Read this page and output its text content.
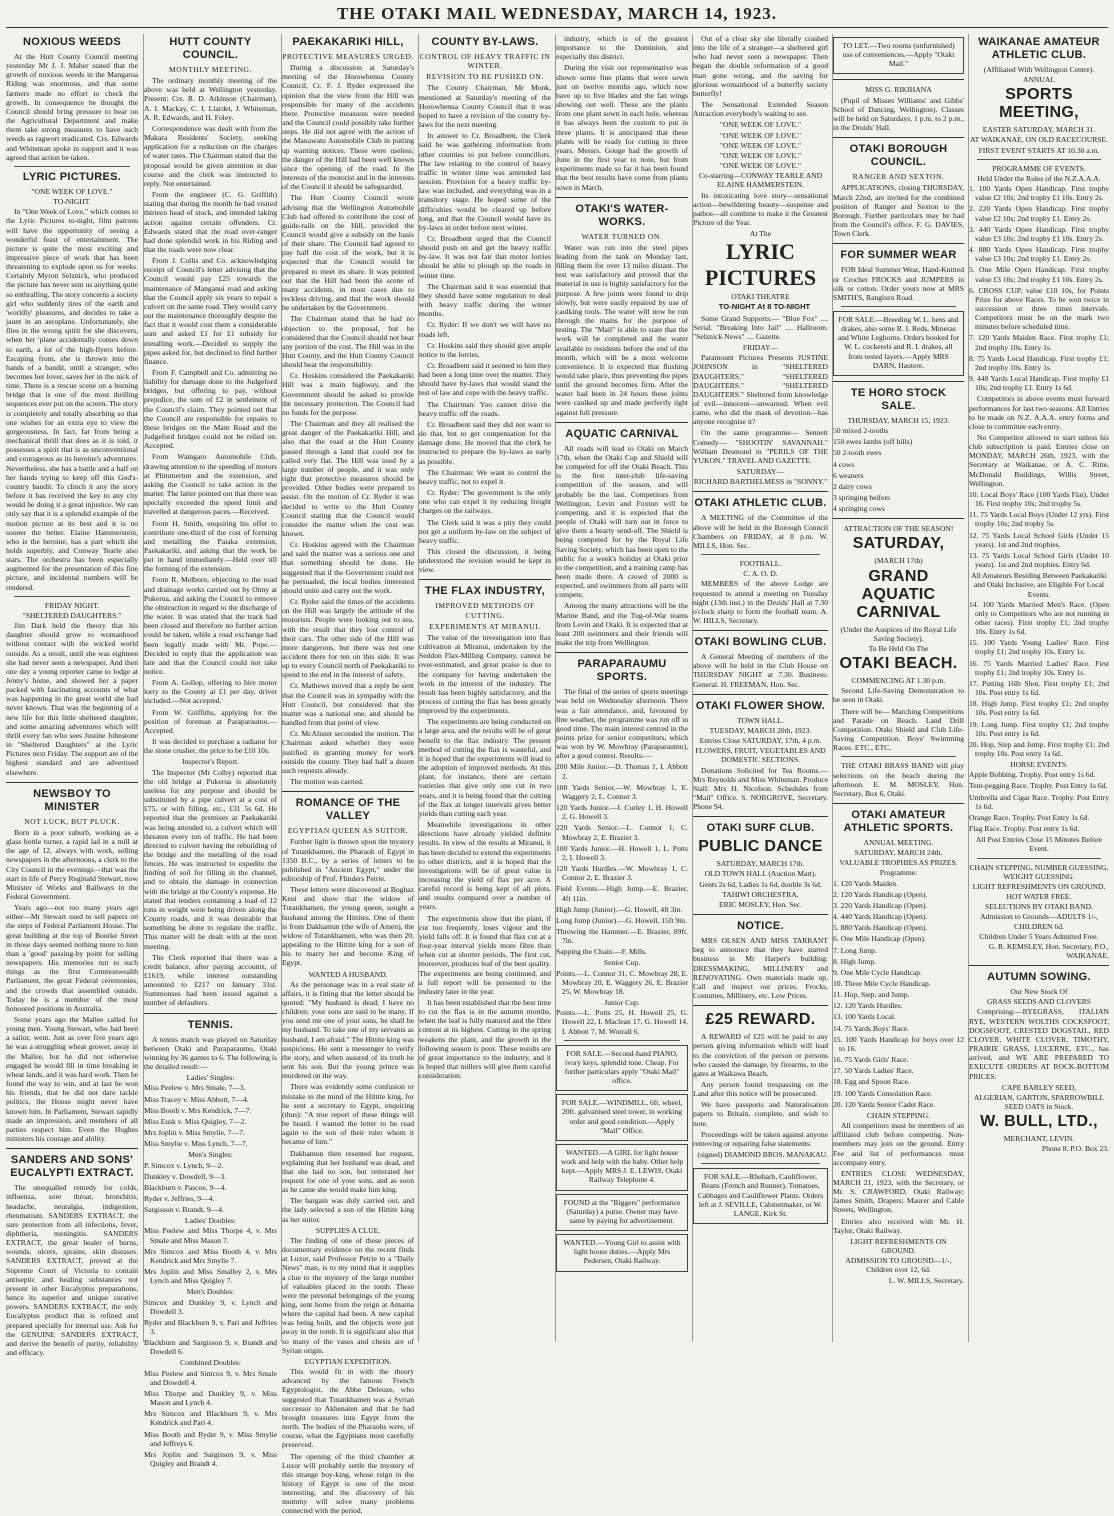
THE OTAKI MAIL WEDNESDAY, MARCH 14, 1923.
NOXIOUS WEEDS
At the Hutt County Council meeting yesterday Mr J. J. Maher stated that the growth of noxious weeds in the Mangaroa Riding was enormous, and that some farmers made no effort to check the growth. In consequence he thought the Council should bring pressure to bear on the Agricultural Department and make them take strong measures to have such weeds as ragwort eradicated. Crs. Edwards and Whiteman spoke in support and it was agreed that action be taken.
LYRIC PICTURES.
"ONE WEEK OF LOVE."
TO-NIGHT.
In "One Week of Love," which comes to the Lyric Pictures to-night, film patrons will have the opportunity of seeing a wonderful feast of entertainment. The picture is quite the most exciting and impressive piece of work that has been threatening to explode upon us for weeks. Certainly Myron Selznick, who produced the picture has never sent us anything quite so enthralling. The story concerns a society girl who suddenly tires of the earth and 'worldly' pleasures, and decides to take a jaunt in an aeroplane. Unfortunately, she flies in the wrong spirit for she discovers, when her 'plane accidentally comes down to earth, a lot of the high-flyers before. Escaping from, she is thrown into the hands of a bandit, until a stranger, who becomes her lover, saves her in the nick of time. There is a rescue scene on a burning bridge that is one of the most thrilling sequences ever put on the screen. The story is completely and totally absorbing so that one wishes for an extra eye to view the gorgeousness. In fact, far from being a mechanical thrill that does as it is told, it possesses a spirit that is as unconventional and courageous as its heroine's adventures. Nevertheless, she has a battle and a half on her hands trying to keep off this God's-country bandit. To clinch it any the story before it has received the key to any city would be doing it a great injustice. We can only say that it is a splendid example of the motion picture at its best and it is no sooner the better. Elaine Hammerstein, who is the heroine, has a part which she holds superbly, and Conway Tearle also stars. The orchestra has been especially augmented for the presentation of this fine picture, and incidental numbers will be rendered.
FRIDAY NIGHT.
"SHELTERED DAUGHTERS."
Jim Dark held the theory that his daughter should grow to womanhood without contact with the wicked world outside. As a result, until she was eighteen she had never seen a newspaper. And then one day a young reporter came to lodge at Jenny's home, and showed her a paper packed with fascinating accounts of what was happening in the great world she had never known. That was the beginning of a new life for this little sheltered daughter, and some amazing adventures which will thrill every fan who sees Justine Johnstone in "Sheltered Daughters" at the Lyric Pictures next Friday. The support are of the highest standard and are advertised elsewhere.
NEWSBOY TO MINISTER
NOT LUCK, BUT PLUCK.
Born in a poor suburb, working as a glass bottle turner, a rapid lad in a mill at the age of 12, always with work, selling newspapers in the afternoons, a clerk to the City Council in the evenings—that was the start in life of Percy Reginald Stewart, now Minister of Works and Railways in the Federal Government.
Years ago—not too many years ago either—Mr Stewart used to sell papers on the steps of Federal Parliament House. The great building at the top of Bourke Street in those days seemed nothing more to him than a 'good' passing-by point for selling newspapers. His memories run to such things as the first Commonwealth Parliament, the great Federal ceremonies, and the crowds that assembled outside. Today he is a member of the most honoured positions in Australia.
Some years ago the Mallee called for young men. Young Stewart, who had been a sailor, went. Just as over five years ago he was a struggling wheat grower, away in the Mallee, but he did not otherwise engaged he would fill in time breaking in wheat lands, and it was hard work. Then he found the way to win, and at last he won his friends, that he did not dare tackle politics, the House might never have known him. In Parliament, Stewart rapidly made an impression, and members of all parties respect him. Even the Hughes ministers his courage and ability.
SANDERS AND SONS' EUCALYPTI EXTRACT.
The unequalled remedy for colds, influenza, sore throat, bronchitis, headache, neuralgia, indigestion, rheumatism. SANDERS EXTRACT, the sure protection from all infections, fever, diphtheria, meningitis. SANDERS EXTRACT, the great healer of burns, wounds, ulcers, sprains, skin diseases. SANDERS EXTRACT, proved at the Supreme Court of Victoria to contain antiseptic and healing substances not present in other Eucalyptus preparations, hence its superior and unique curative powers. SANDERS EXTRACT, the only Eucalyptus product that is refined and prepared specially for internal use. Ask for the GENUINE SANDERS EXTRACT, and derive the benefit of purity, reliability and efficacy.
HUTT COUNTY COUNCIL.
MONTHLY MEETING.
The ordinary monthly meeting of the above was held at Wellington yesterday. Present: Crs. R. D. Atkinson (Chairman), A. I. Mackay, C. I. Liardet, J. Whiteman, A. R. Edwards, and H. Foley.
Correspondence was dealt with from the Makara Residents' Society, seeking application for a reduction on the charges of water rates. The Chairman stated that the proposal would be given attention in due course and the clerk was instructed to reply. Not entertained.
From the engineer (C. G. Griffith) stating that during the month he had visited thirteen head of stock, and intended taking action against certain offenders. Cr. Edwards stated that the road over-ranger had done splendid work in his Riding and that the roads were now clear.
From J. Collis and Co. acknowledging receipt of Council's letter advising that the Council would pay £25 towards the maintenance of Manganui road and asking that the Council apply six years to repair a culvert on the same road. They would carry out the maintenance thoroughly despite the fact that it would cost them a considerable sum and asked £1 for £1 subsidy for metalling work.—Decided to supply the pipes asked for, but declined to find further finance.
From F. Campbell and Co. admitting no liability for damage done to the Judgeford bridges, but offering to pay, without prejudice, the sum of £2 in settlement of the Council's claim. They pointed out that the Council are responsible for repairs to these bridges on the Main Road and the Judgeford bridges could not be relied on. Accepted.
From Waingaro Automobile Club, drawing attention to the speeding of motors at Plimmerton and the extension, and asking the Council to take action in the matter. The latter pointed out that there was specially exceeded the speed limit and travelled at dangerous paces.—Received.
From H. Smith, enquiring his offer to contribute one-third of the cost of forming and metalling the Paiaka extension, Paekakariki, and asking that the work be put in hand immediately.—Held over till the forming of the extension.
From R. Melborn, objecting to the road and drainage works carried out by Onny at Pukerua, and asking the Council to remove the obstruction in regard to the discharge of the water. It was stated that the track had been closed and therefore no further action could be taken, while a road exchange had been legally made with Mr. Pope.—Decided to reply that the application was late and that the Council could not take notice.
From A. Gollop, offering to hire motor lorry to the County at £1 per day, driver included.—Not accepted.
From W. Griffiths, applying for the position of foreman at Paraparaumu.—Accepted.
It was decided to purchase a radiator for the stone crusher, the price to be £10 10s.
Inspector's Report.
The Inspector (Mr Colby) reported that the old bridge at Pukerua is absolutely useless for any purpose and should be substituted by a pipe culvert at a cost of £75, or with filling, etc., £31 5s 6d. He reported that the premises at Paekakariki was being attended to, a culvert which will threaten every ton of traffic. He had been directed to culvert having the rebuilding of the bridge and the metalling of the road fences. He was instructed to expedite the finding of soil for filling in the channel, and to obtain the damage in connection with the bridge at the County's expense. He stated that tenders containing a load of 12 tons in weight were being driven along the County roads, and it was desirable that something be done to regulate the traffic. This matter will be dealt with at the next meeting.
The Clerk reported that there was a credit balance, after paying accounts, of £1619, while interest outstanding amounted to £217 on January 31st. Summonses had been issued against a number of defaulters.
TENNIS.
A tennis match was played on Saturday between Otaki and Paraparaumu, Otaki winning by 36 games to 6. The following is the detailed result:—
Ladies' Singles:
Miss Peelew v. Mrs Smale, 7—3.
Miss Tracey v. Miss Abbott, 7—4.
Miss Booth v. Mrs Kendrick, 7—7.
Miss Eusk v. Miss Quigley, 7—2.
Mrs Joplin v. Miss Smylie, 7—7.
Miss Smylie v. Miss Lynch, 7—7.
Men's Singles:
P. Simcox v. Lynch, 9—2.
Dunkley v. Dowdell, 9—3.
Blackburn v. Pascoe, 9—4.
Ryder v. Jeffries, 9—4.
Sargisson v. Brandt, 9—4.
Ladies' Doubles:
Miss Peelew and Miss Thorpe 4, v. Mrs Smale and Miss Mason 7.
Mrs Simcox and Miss Booth 4, v. Mrs Kendrick and Mrs Smylie 7.
Mrs Joplin and Miss Smalley 2, v. Mrs Lynch and Miss Quigley 7.
Men's Doubles:
Simcox and Dunkley 9, v. Lynch and Dowdell 3.
Ryder and Blackburn 9, v. Pari and Jeffries 3.
Blackburn and Sargisson 9, v. Brandt and Dowdell 6.
Combined Doubles:
Miss Peelew and Simcox 9, v. Mrs Smale and Dowdell 4.
Miss Thorpe and Dunkley 9, v. Miss Mason and Lynch 4.
Mrs Simcox and Blackburn 9, v. Mrs Kendrick and Pari 4.
Miss Booth and Ryder 9, v. Miss Smylie and Jeffreys 6.
Mrs Joplin and Sargisson 9, v. Miss Quigley and Brandt 4.
PAEKAKARIKI HILL,
PROTECTIVE MEASURES URGED.
During a discussion at Saturday's meeting of the Horowhenua County Council, Cr. F. J. Ryder expressed the opinion that the view from the Hill was responsible for many of the accidents there. Protective measures were needed and the Council could possibly take further steps. He did not agree with the action of the Manawatu Automobile Club in putting up warning notices. These were useless; the danger of the Hill had been well known since the opening of the road. In the interests of the motorist and in the interests of the Council it should be safeguarded.
The Hutt County Council wrote advising that the Wellington Automobile Club had offered to contribute the cost of guide-rails on the Hill, provided the Council would give a subsidy on the basis of their share. The Council had agreed to pay half the cost of the work, but it is expected that the Council would be prepared to meet its share. It was pointed out that the Hill had been the scene of many accidents, in most cases due to reckless driving, and that the work should be undertaken by the Government.
The Chairman stated that he had no objection to the proposal, but he considered that the Council should not bear any portion of the cost. The Hill was in the Hutt County, and the Hutt County Council should bear the responsibility.
Cr. Hoskins considered the Paekakariki Hill was a main highway, and the Government should be asked to provide the necessary protection. The Council had no funds for the purpose.
The Chairman and they all realised the great danger of the Paekakariki Hill, and also that the road at the Hutt County passed through a land that could not be called very flat. The Hill was used by a large number of people, and it was only right that protective measures should be provided. Other bodies were prepared to assist. On the motion of Cr. Ryder it was decided to write to the Hutt County Council stating that the Council would consider the matter when the cost was known.
Cr. Hoskins agreed with the Chairman and said the matter was a serious one and that something should be done. He suggested that if the Government could not be persuaded, the local bodies interested should unite and carry out the work.
Cr. Ryder said the times of the accidents on the Hill was largely the attitude of the motorists. People were looking out to sea, with the result that they lost control of their cars. The other side of the Hill was more dangerous, but there was not one accident there for ten on this side. It was up to every Council north of Paekakariki to spend to the end in the interest of safety.
Cr. Mathews moved that a reply be sent that the Council was in sympathy with the Hutt Council, but considered that the matter was a national one, and should be handled from that point of view.
Cr. McAlister seconded the motion. The Chairman asked whether they were justified in granting money for work outside the county. They had half a dozen such requests already.
The motion was carried.
ROMANCE OF THE VALLEY
EGYPTIAN QUEEN AS SUITOR.
Further light is thrown upon the mystery of Tutankhamen, the Pharaoh of Egypt in 1350 B.C., by a series of letters to be published in "Ancient Egypt," under the editorship of Prof. Flinders Petrie.
These letters were discovered at Boghaz Keui and show that the widow of Tutankhamen, the young queen, sought a husband among the Hittites. One of them is from Dakhamun (the wife of Amen), the widow of Tutankhamen, who was then 20, appealing to the Hittite king for a son of his to marry her and become King of Egypt.
WANTED A HUSBAND.
As the personage was in a real state of affairs, it is fitting that the letter should be quoted: "My husband is dead; I have no children; your sons are said to be many. If you send me one of your sons, he shall be my husband. To take one of my servants as husband, I am afraid." The Hittite king was suspicious. He sent a messenger to verify the story, and when assured of its truth he sent his son. But the young prince was murdered on the way.
There was evidently some confusion or mistake in the mind of the Hittite king, for he sent a secretary to Egypt, enquiring (thus): "A true report of these things will be heard. I wanted the letter to be read again to the son of their ruler whom it became of him."
Dakhamun then resented her request, explaining that her husband was dead, and that she had no son, but reiterated her request for one of your sons, and as soon as he came she would make him king.
The bargain was duly carried out, and the lady selected a son of the Hittite king as her suitor.
SUPPLIES A CLUE.
The finding of one of these pieces of documentary evidence on the recent finds at Luxor, said Professor Petrie to a "Daily News" man, is to my mind that it supplies a clue to the mystery of the large number of valuables placed in the tomb. These were the personal belongings of the young king, sent home from the reign at Amarna where the capital had been. A new capital was being built, and the objects were put away in the tomb. It is significant also that so many of the vases and chests are of Syrian origin.
EGYPTIAN EXPEDITION.
This would fit in with the theory advanced by the famous French Egyptologist, the Abbe Deleuze, who suggested that Tutankhamen was a Syrian successor to Akhenaten and that he had brought treasures into Egypt from the north. The bodies of the Pharaohs were, of course, what the Egyptians most carefully preserved.
The opening of the third chamber at Luxor will probably settle the mystery of this strange boy-king, whose reign in the history of Egypt is one of the most interesting, and the discovery of his mummy will solve many problems connected with the period.
COUNTY BY-LAWS.
CONTROL OF HEAVY TRAFFIC IN WINTER.
REVISION TO BE PUSHED ON.
The County Chairman, Mr Monk, mentioned at Saturday's meeting of the Horowhenua County Council that it was hoped to have a revision of the county by-laws for the next meeting.
In answer to Cr. Broadbent, the Clerk said he was gathering information from other counties to put before councillors. The law relating to the control of heavy traffic in winter time was amended last session. Provision for a heavy traffic by-law was included, and everything was in a transitory stage. He hoped some of the difficulties would be cleared up before long, and that the Council would have its by-laws in order before next winter.
Cr. Broadbent urged that the Council should push on and get the heavy traffic by-law. It was not fair that motor lorries should be able to plough up the roads in winter time.
The Chairman said it was essential that they should have some regulation to deal with heavy traffic during the winter months.
Cr. Ryder: If we don't we will have no roads left.
Cr. Hoskins said they should give ample notice to the lorries.
Cr. Broadbent said it seemed to him they had been a long time over the matter. They should have by-laws that would stand the test of law and cope with the heavy traffic.
The Chairman: You cannot drive the heavy traffic off the roads.
Cr. Broadbent said they did not want to do that, but to get compensation for the damage done. He moved that the clerk be instructed to prepare the by-laws as early as possible.
The Chairman: We want to control the heavy traffic, not to expel it.
Cr. Ryder: The government is the only one who can expel it by reducing freight charges on the railways.
The Clerk said it was a pity they could not get a uniform by-law on the subject of heavy traffic.
This closed the discussion, it being understood the revision would be kept in view.
THE FLAX INDUSTRY,
IMPROVED METHODS OF CUTTING.
EXPERIMENTS AT MIRANUI.
The value of the investigation into flax cultivation at Miranui, undertaken by the Seddon Flax-Milling Company, cannot be over-estimated, and great praise is due to the company for having undertaken the work in the interest of the industry. The result has been highly satisfactory, and the process of cutting the flax has been greatly improved by the experiments.
The experiments are being conducted on a large area, and the results will be of great benefit to the flax industry. The present method of cutting the flax is wasteful, and it is hoped that the experiments will lead to the adoption of improved methods. At this plant, for instance, there are certain varieties that give only one cut in two years, and it is being found that the cutting of the flax at longer intervals gives better yields than cutting each year.
Meanwhile investigations in other directions have already yielded definite results. In view of the results at Miranui, it has been decided to extend the experiments to other districts, and it is hoped that the investigations will be of great value in increasing the yield of flax per acre. A careful record is being kept of all plots, and results compared over a number of years.
The experiments show that the plant, if cut too frequently, loses vigour and the yield falls off. It is found that flax cut at a four-year interval yields more fibre than when cut at shorter periods. The first cut, moreover, produces leaf of the best quality. The experiments are being continued, and a full report will be presented to the industry later in the year.
It has been established that the best time to cut the flax is in the autumn months, when the leaf is fully matured and the fibre content at its highest. Cutting in the spring weakens the plant, and the growth in the following season is poor. These results are of great importance to the industry, and it is hoped that millers will give them careful consideration.
industry, which is of the greatest importance to the Dominion, and especially this district.
During the visit our representative was shown some fine plants that were sown just on twelve months ago, which now have up to five blades and the fan wings showing out well. These are the plants from one plant sown in each hole, whereas it has always been the custom to put in three plants. It is anticipated that these plants will be ready for cutting in three years. Messrs. Gouge had the growth of June in the first year to note, but from experiments made so far it has been found that the best results have come from plants sown in March.
OTAKI'S WATER-WORKS.
WATER TURNED ON.
Water was run into the steel pipes leading from the tank on Monday last, filling them for over 13 miles distant. The test was satisfactory and proved that the material in use is highly satisfactory for the purpose. A few joints were found to drip slowly, but were easily repaired by use of caulking tools. The water will now be run through the mains for the purpose of testing. The "Mail" is able to state that the work will be completed and the water available to residents before the end of the month, which will be a most welcome convenience. It is expected that flushing would take place, thus preventing the pipes until the ground becomes firm. After the water had been in 24 hours these joints were caulked up and made perfectly tight against full pressure.
AQUATIC CARNIVAL
All roads will lead to Otaki on March 17th, when the Otaki Cup and Shield will be competed for off the Otaki Beach. This is the first inter-club life-saving competition of the season, and will probably be the last. Competitors from Wellington, Levin and Foxton will be competing, and it is expected that the people of Otaki will turn out in force to give them a hearty send-off. The Shield is being competed for by the Royal Life Saving Society, which has been open to the public for a week's holiday at Otaki prior to the competition, and a training camp has been made there. A crowd of 2000 is expected, and swimmers from all parts will compete.
Among the many attractions will be the Marine Band, and the Tug-of-War teams from Levin and Otaki. It is expected that at least 200 swimmers and their friends will make the trip from Wellington.
PARAPARAUMU SPORTS.
The final of the series of sports meetings was held on Wednesday afternoon. There was a fair attendance, and, favoured by fine weather, the programme was run off in good time. The main interest centred in the points prize for senior competitors, which was won by W. Mowbray (Paraparaumu), after a good contest. Results:—
200 Mile Junior.—D. Thomas 1, I. Abbott 2.
100 Yards Senior.—W. Mowbray 1, E. Waggery 2, L. Connor 3.
120 Yards Junior.—I. Curley 1, H. Howell 2, G. Howell 3.
220 Yards Senior.—L. Connor 1, C. Mowbray 2, E. Brazier 3.
100 Yards Junior.—H. Howell 1, L. Potts 2, I. Howell 3.
120 Yards Hurdles.—W. Mowbray 1, C. Connor 2, E. Brazier 3.
Field Events.—High Jump.—E. Brazier, 4ft 11in.
High Jump (Junior).—G. Howell, 4ft 3in.
Long Jump (Junior).—G. Howell, 15ft 9in.
Throwing the Hammer.—E. Brazier, 89ft. 7in.
Sapping the Chain.—F. Mills.
Senior Cup.
Points.—L. Connor 31, C. Mowbray 28, E. Mowbray 20, E. Waggery 26, E. Brazier 25, W. Mowbray 18.
Junior Cup.
Points.—L. Potts 25, H. Howell 25, G. Howell 22, I. Maclean 17, G. Howell 14, I. Abbott 7, M. Worrall 6.
FOR SALE.—Second-hand PIANO, ivory keys, splendid tone. Cheap. For further particulars apply "Otaki Mail" office.
FOR SALE.—WINDMILL, 6ft. wheel, 20ft. galvanised steel tower, in working order and good condition.—Apply "Mail" Office.
WANTED.—A GIRL for light house work and help with the baby. Other help kept.—Apply MRS J. E. LEWIS, Otaki Railway Telephone 4.
FOUND at the "Riggers" performance (Saturday) a purse. Owner may have same by paying for advertisement.
WANTED.—Young Girl to assist with light house duties.—Apply Mrs Pedersen, Otaki Railway.
Out of a clear sky she literally crashed into the life of a stranger—a sheltered girl who had never seen a newspaper. Then began the double reformation of a good man gone wrong, and the saving for glorious womanhood of a butterfly society butterfly!
The Sensational Extended Season Attraction everybody's waiting to see.
"ONE WEEK OF LOVE."
"ONE WEEK OF LOVE."
"ONE WEEK OF LOVE."
"ONE WEEK OF LOVE."
"ONE WEEK OF LOVE."
Co-starring—CONWAY TEARLE AND ELAINE HAMMERSTEIN.
Its intoxicating love story—sensational action—bewildering beauty—suspense and pathos—all combine to make it the Greatest Picture of the Year.
At The
LYRIC PICTURES
OTAKI THEATRE
TO-NIGHT At 8 TO-NIGHT
Some Grand Supports:— "Blue Fox" .... Serial. "Breaking Into Jail" .... Hallroom. "Selznick News" .... Gazette.
FRIDAY—
Paramount Pictures Presents JUSTINE JOHNSON in "SHELTERED DAUGHTERS." "SHELTERED DAUGHTERS." "SHELTERED DAUGHTERS." Sheltered from knowledge of evil—innocent—unwarned. When evil came, who did the mask of devotion—has anyone recognise it?
On the same programme— Sennett Comedy— "SHOOTIN' SAVANNAH." William Desmond in "PERILS OF THE YUKON." TRAVEL AND GAZETTE.
SATURDAY—
RICHARD BARTHELMESS in "SONNY."
OTAKI ATHLETIC CLUB.
A MEETING of the Committee of the above will be held in the Borough Council Chambers on FRIDAY, at 8 p.m. W. MILLS, Hon. Sec.
FOOTBALL.
C. A. O. D.
MEMBERS of the above Lodge are requested to attend a meeting on Tuesday night (13th inst.) in the Druids' Hall at 7.30 o'clock sharp to form the football team. A. W. HILLS, Secretary.
OTAKI BOWLING CLUB.
A General Meeting of members of the above will be held in the Club House on THURSDAY NIGHT at 7.30. Business: General. H. FREEMAN, Hon. Sec.
OTAKI FLOWER SHOW.
TOWN HALL.
TUESDAY, MARCH 20th, 1923.
Entries Close SATURDAY, 17th, 4 p.m.
FLOWERS, FRUIT, VEGETABLES AND DOMESTIC SECTIONS.
Donations Solicited for Tea Rooms.—Mrs Reynolds and Miss Whiteman. Produce Stall: Mrs H. Nicolson. Schedules from "Mail" Office. S. NORGROVE, Secretary. Phone 94.
OTAKI SURF CLUB.
PUBLIC DANCE
SATURDAY, MARCH 17th.
OLD TOWN HALL (Auction Mart).
Gents 2s 6d, Ladies 1s 6d, double 3s 6d.
TAHIWI ORCHESTRA.
ERIC MOSLEY, Hon. Sec.
NOTICE.
MRS OLSEN AND MISS TARRANT beg to announce that they have started business in Mr Harper's building: DRESSMAKING, MILLINERY and RENOVATING. Own materials made up. Call and inspect our prices. Frocks, Costumes, Millinery, etc. Low Prices.
£25 REWARD.
A REWARD of £25 will be paid to any person giving information which will lead to the conviction of the person or persons who caused the damage, by firearms, to the gates at Waikawa Beach.
Any person found trespassing on the Land after this notice will be prosecuted.
We have passports and Naturalisation papers to Britain, complete, and wish to note.
Proceedings will be taken against anyone removing or repairing false statements.
(signed) DIAMOND BROS. MANAKAU.
FOR SALE.—Rhubarb, Cauliflower, Beans (French and Runner), Tomatoes, Cabbages and Cauliflower Plants. Orders left at J. SEVILLE, Cabinetmaker, or W. LANGE, Kirk St.
TO LET.—Two rooms (unfurnished) use of conveniences.—Apply "Otaki Mail."
MISS G. RIKIHANA
(Pupil of Misses Williams' and Gibbs' School of Dancing, Wellington). Classes will be held on Saturdays, 1 p.m. to 2 p.m., in the Druids' Hall.
OTAKI BOROUGH COUNCIL.
RANGER AND SEXTON.
APPLICATIONS, closing THURSDAY, March 22nd, are invited for the combined position of Ranger and Sexton to the Borough. Further particulars may be had from the Council's office. F. G. DAVIES, Town Clerk.
FOR SUMMER WEAR
FOR Ideal Summer Wear, Hand-Knitted or Crochet FROCKS and JUMPERS in silk or cotton. Order yours now at MRS SMITH'S, Rangiuru Road.
FOR SALE.—Breeding W. L. hens and drakes, also some R. I. Reds, Mineras and White Leghorns. Orders booked for W. L. cockerels and R. I. drakes, all from tested layers.—Apply MRS DARN, Hautere.
TE HORO STOCK SALE.
THURSDAY, MARCH 15, 1923.
50 mixed 2-tooths
150 ewes lambs (off hills)
50 2-tooth ewes
4 cows
6 weaners
2 dairy cows
3 springing heifers
4 springing cows
ATTRACTION OF THE SEASON!
SATURDAY,
(MARCH 17th)
GRAND AQUATIC CARNIVAL
(Under the Auspices of the Royal Life Saving Society).
To Be Held On The
OTAKI BEACH.
COMMENCING AT 1.30 p.m.
Second Life-Saving Demonstration to be seen in Otaki.
There will be— Marching Competitions and Parade on Beach. Land Drill Competition. Otaki Shield and Club Life-Saving Competition. Boys' Swimming Races. ETC., ETC.
THE OTAKI BRASS BAND will play selections on the beach during the afternoon. E. M. MOSLEY, Hon. Secretary, Box 6, Otaki.
OTAKI AMATEUR ATHLETIC SPORTS.
ANNUAL MEETING.
SATURDAY, MARCH 24th.
VALUABLE TROPHIES AS PRIZES.
Programme:
1. 120 Yards Maiden.
2. 120 Yards Handicap (Open).
3. 220 Yards Handicap (Open).
4. 440 Yards Handicap (Open).
5. 880 Yards Handicap (Open).
6. One Mile Handicap (Open).
7. Long Jump.
8. High Jump.
9. One Mile Cycle Handicap.
10. Three Mile Cycle Handicap.
11. Hop, Step, and Jump.
12. 120 Yards Hurdles.
13. 100 Yards Local.
14. 75 Yards Boys' Race.
15. 100 Yards Handicap for boys over 12 to 16.
16. 75 Yards Girls' Race.
17. 50 Yards Ladies' Race.
18. Egg and Spoon Race.
19. 100 Yards Consolation Race.
20. 120 Yards Senior Cadet Race.
CHAIN STEPPING.
All competitors must be members of an affiliated club before competing. Non-members may join on the ground. Entry Fee and list of performances must accompany entry.
ENTRIES CLOSE WEDNESDAY, MARCH 21, 1923, with the Secretary, or Mr. S. CRAWFORD, Otaki Railway; James Smith, Drapers; Maurer and Cable Streets, Wellington.
Entries also received with Mr. H. Taylor, Otaki Railway.
LIGHT REFRESHMENTS ON GROUND.
ADMISSION TO GROUND—1/-, Children over 12, 6d.
L. W. MILLS, Secretary.
WAIKANAE AMATEUR ATHLETIC CLUB.
(Affiliated With Wellington Centre).
ANNUAL
SPORTS MEETING,
EASTER SATURDAY, MARCH 31.
AT WAIKANAE, ON OLD RACECOURSE.
FIRST EVENT STARTS AT 10.30 a.m.
PROGRAMME OF EVENTS.
Held Under the Rules of the N.Z.A.A.A.
1. 100 Yards Open Handicap. First trophy value £2 10s; 2nd trophy £1 10s. Entry 2s.
2. 220 Yards Open Handicap. First trophy value £2 10s; 2nd trophy £1. Entry 2s.
3. 440 Yards Open Handicap. First trophy value £3 10s; 2nd trophy £1 10s. Entry 2s.
4. 880 Yards Open Handicap. First trophy value £3 10s; 2nd trophy £1. Entry 2s.
5. One Mile Open Handicap. First trophy value £3 10s; 2nd trophy £1 10s. Entry 2s.
6. CROSS CUP, value £10 10s, for Points Prize for above Races. To be won twice in succession or three times intervals. Competitors must be on the mark two minutes before scheduled time.
7. 120 Yards Maiden Race. First trophy £1; 2nd trophy 10s. Entry 1s.
8. 75 Yards Local Handicap. First trophy £1; 2nd trophy 10s. Entry 1s.
9. 440 Yards Local Handicap. First trophy £1 10s; 2nd trophy £1. Entry 1s 6d.
Competitors in above events must forward performances for last two seasons. All Entries to be made on N.Z. A.A.A. entry forms and close to committee each entry.
No Competitor allowed to start unless his club subscription is paid. Entries close on MONDAY, MARCH 26th, 1923, with the Secretary at Waikanae, or A. C. Ritte, McDonald Buildings, Willis Street, Wellington.
10. Local Boys' Race (100 Yards Flat), Under 16. First trophy 10s; 2nd trophy 5s.
11. 75 Yards Local Boys (Under 12 yrs). First trophy 10s; 2nd trophy 5s.
12. 75 Yards Local School Girls (Under 15 years). 1st and 2nd trophies.
13. 75 Yards Local School Girls (Under 10 years). 1st and 2nd trophies. Entry 6d.
All Amateurs Residing Between Paekakariki and Otaki Inclusive, are Eligible For Local Events.
14. 100 Yards Married Men's Race. (Open only to Competitors who are not running in other races). First trophy £1; 2nd trophy 10s. Entry 1s 6d.
15. 100 Yards Young Ladies' Race. First trophy £1; 2nd trophy 10s. Entry 1s.
16. 75 Yards Married Ladies' Race. First trophy £1; 2nd trophy 10s. Entry 1s.
17. Putting 16lb Shot. First trophy £1; 2nd 10s. Post entry 1s 6d.
18. High Jump. First trophy £1; 2nd trophy 10s. Post entry 1s 6d.
19. Long Jump. First trophy £1; 2nd trophy 10s. Post entry 1s 6d.
20. Hop, Step and Jump. First trophy £1; 2nd trophy 10s. Post entry 1s 6d.
HORSE EVENTS.
Apple Bobbing. Trophy. Post entry 1s 6d.
Tent-pegging Race. Trophy. Post Entry 1s 6d.
Umbrella and Cigar Race. Trophy. Post Entry 1s 6d.
Orange Race. Trophy. Post Entry 1s 6d.
Flag Race. Trophy. Post entry 1s 6d.
All Post Entries Close 15 Minutes Before Event.
CHAIN STEPPING, NUMBER GUESSING, WEIGHT GUESSING.
LIGHT REFRESHMENTS ON GROUND.
HOT WATER FREE.
SELECTIONS BY OTAKI BAND.
Admission to Grounds—ADULTS 1/-, CHILDREN 6d.
Children Under 5 Years Admitted Free.
G. R. KEMSLEY, Hon. Secretary, P.O., WAIKANAE.
AUTUMN SOWING.
Our New Stock Of
GRASS SEEDS AND CLOVERS
Comprising:—RYEGRASS, ITALIAN RYE, WESTERN WOLTHS COCKSFOOT, DOGSFOOT, CRESTED DOGSTAIL, RED CLOVER, WHITE CLOVER, TIMOTHY, PRAIRIE GRASS, LUCERNE, ETC., has arrived, and WE ARE PREPARED TO EXECUTE ORDERS AT ROCK-BOTTOM PRICES.
CAPE BARLEY SEED,
ALGERIAN, GARTON, SPARROWBILL SEED OATS in Stock.
W. BULL, LTD.,
MERCHANT, LEVIN.
Phone 8. P.O. Box 23.
